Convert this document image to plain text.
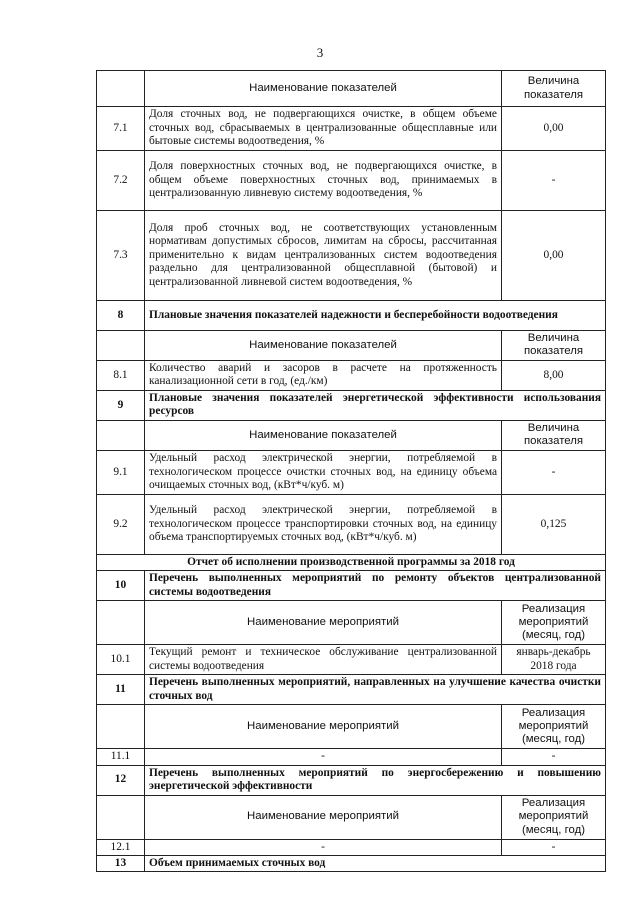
3
	Наименование показателей	Величина показателя
7.1	Доля сточных вод, не подвергающихся очистке, в общем объеме сточных вод, сбрасываемых в централизованные общесплавные или бытовые системы водоотведения, %	0,00
7.2	Доля поверхностных сточных вод, не подвергающихся очистке, в общем объеме поверхностных сточных вод, принимаемых в централизованную ливневую систему водоотведения, %	-
7.3	Доля проб сточных вод, не соответствующих установленным нормативам допустимых сбросов, лимитам на сбросы, рассчитанная применительно к видам централизованных систем водоотведения раздельно для централизованной общесплавной (бытовой) и централизованной ливневой систем водоотведения, %	0,00
8	Плановые значения показателей надежности и бесперебойности водоотведения	
	Наименование показателей	Величина показателя
8.1	Количество аварий и засоров в расчете на протяженность канализационной сети в год, (ед./км)	8,00
9	Плановые значения показателей энергетической эффективности использования ресурсов	
	Наименование показателей	Величина показателя
9.1	Удельный расход электрической энергии, потребляемой в технологическом процессе очистки сточных вод, на единицу объема очищаемых сточных вод, (кВт*ч/куб. м)	-
9.2	Удельный расход электрической энергии, потребляемой в технологическом процессе транспортировки сточных вод, на единицу объема транспортируемых сточных вод, (кВт*ч/куб. м)	0,125
Отчет об исполнении производственной программы за 2018 год		
10	Перечень выполненных мероприятий по ремонту объектов централизованной системы водоотведения	
	Наименование мероприятий	Реализация мероприятий (месяц, год)
10.1	Текущий ремонт и техническое обслуживание централизованной системы водоотведения	январь-декабрь 2018 года
11	Перечень выполненных мероприятий, направленных на улучшение качества очистки сточных вод	
	Наименование мероприятий	Реализация мероприятий (месяц, год)
11.1	-	-
12	Перечень выполненных мероприятий по энергосбережению и повышению энергетической эффективности	
	Наименование мероприятий	Реализация мероприятий (месяц, год)
12.1	-	-
13	Объем принимаемых сточных вод	
